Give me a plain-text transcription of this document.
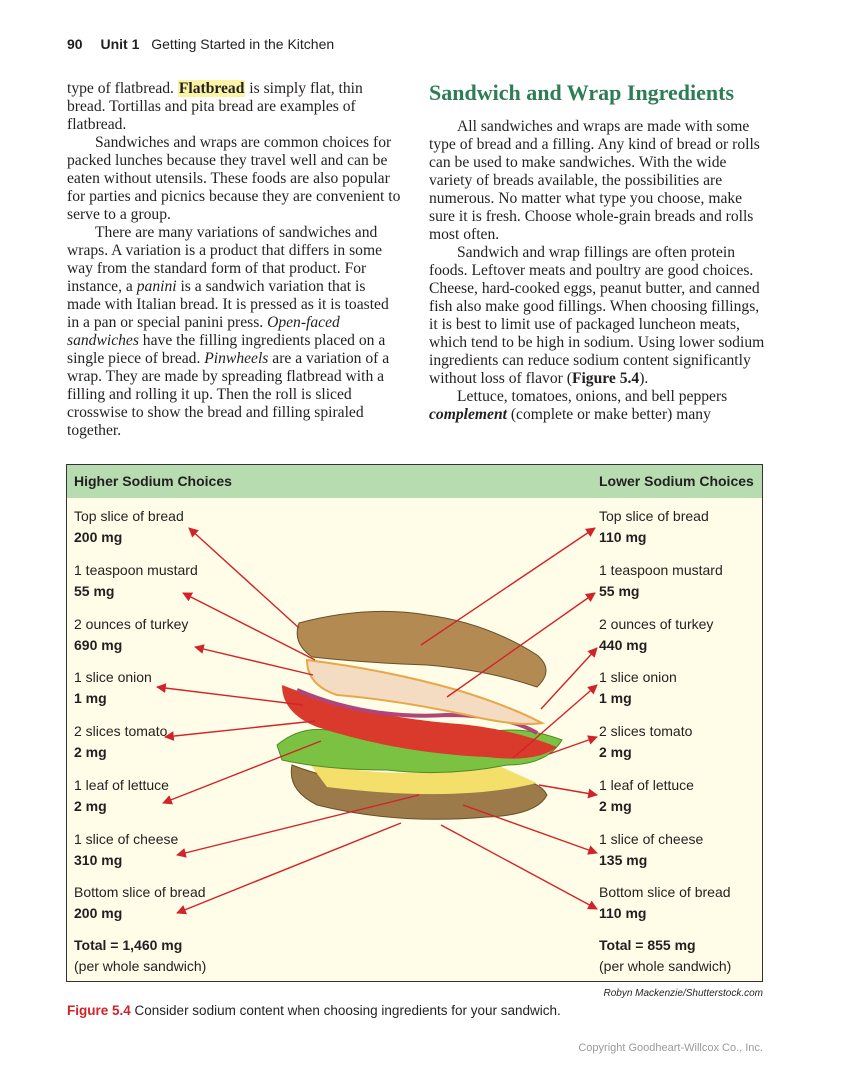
90 Unit 1 Getting Started in the Kitchen

type of flatbread. Flatbread is simply flat, thin bread. Tortillas and pita bread are examples of flatbread.

Sandwiches and wraps are common choices for packed lunches because they travel well and can be eaten without utensils. These foods are also popular for parties and picnics because they are convenient to serve to a group.

There are many variations of sandwiches and wraps. A variation is a product that differs in some way from the standard form of that product. For instance, a panini is a sandwich variation that is made with Italian bread. It is pressed as it is toasted in a pan or special panini press. Open-faced sandwiches have the filling ingredients placed on a single piece of bread. Pinwheels are a variation of a wrap. They are made by spreading flatbread with a filling and rolling it up. Then the roll is sliced crosswise to show the bread and filling spiraled together.

Sandwich and Wrap Ingredients

All sandwiches and wraps are made with some type of bread and a filling. Any kind of bread or rolls can be used to make sandwiches. With the wide variety of breads available, the possibilities are numerous. No matter what type you choose, make sure it is fresh. Choose whole-grain breads and rolls most often.

Sandwich and wrap fillings are often protein foods. Leftover meats and poultry are good choices. Cheese, hard-cooked eggs, peanut butter, and canned fish also make good fillings. When choosing fillings, it is best to limit use of packaged luncheon meats, which tend to be high in sodium. Using lower sodium ingredients can reduce sodium content significantly without loss of flavor (Figure 5.4).

Lettuce, tomatoes, onions, and bell peppers complement (complete or make better) many

Higher Sodium Choices	Lower Sodium Choices
Top slice of bread
200 mg
1 teaspoon mustard
55 mg
2 ounces of turkey
690 mg
1 slice onion
1 mg
2 slices tomato
2 mg
1 leaf of lettuce
2 mg
1 slice of cheese
310 mg
Bottom slice of bread
200 mg
Total = 1,460 mg
(per whole sandwich)
Top slice of bread
110 mg
1 teaspoon mustard
55 mg
2 ounces of turkey
440 mg
1 slice onion
1 mg
2 slices tomato
2 mg
1 leaf of lettuce
2 mg
1 slice of cheese
135 mg
Bottom slice of bread
110 mg
Total = 855 mg
(per whole sandwich)
Robyn Mackenzie/Shutterstock.com
Figure 5.4 Consider sodium content when choosing ingredients for your sandwich.
Copyright Goodheart-Willcox Co., Inc.
